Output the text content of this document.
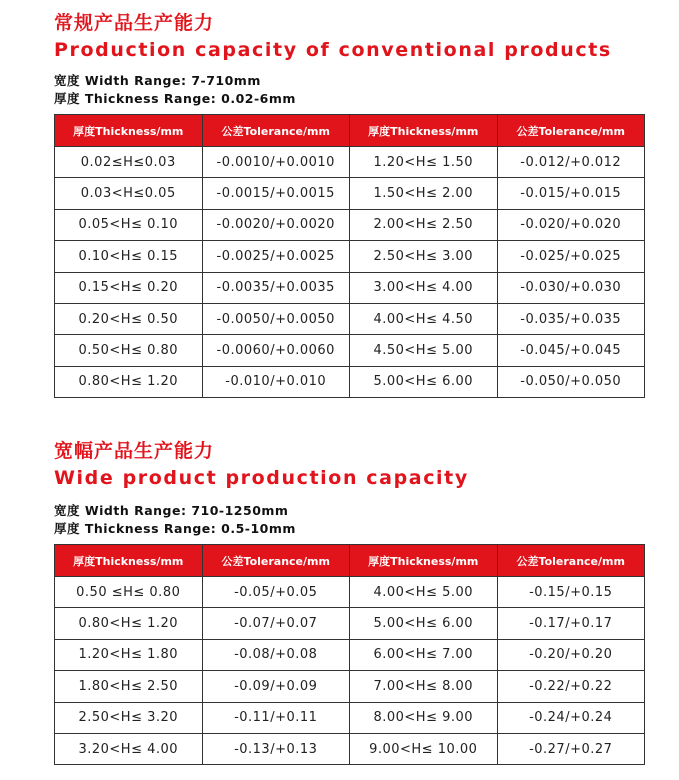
常规产品生产能力
Production capacity of conventional products
宽度 Width Range: 7-710mm
厚度 Thickness Range: 0.02-6mm
厚度Thickness/mm	公差Tolerance/mm	厚度Thickness/mm	公差Tolerance/mm
0.02≤H≤0.03	-0.0010/+0.0010	1.20<H≤ 1.50	-0.012/+0.012
0.03<H≤0.05	-0.0015/+0.0015	1.50<H≤ 2.00	-0.015/+0.015
0.05<H≤ 0.10	-0.0020/+0.0020	2.00<H≤ 2.50	-0.020/+0.020
0.10<H≤ 0.15	-0.0025/+0.0025	2.50<H≤ 3.00	-0.025/+0.025
0.15<H≤ 0.20	-0.0035/+0.0035	3.00<H≤ 4.00	-0.030/+0.030
0.20<H≤ 0.50	-0.0050/+0.0050	4.00<H≤ 4.50	-0.035/+0.035
0.50<H≤ 0.80	-0.0060/+0.0060	4.50<H≤ 5.00	-0.045/+0.045
0.80<H≤ 1.20	-0.010/+0.010	5.00<H≤ 6.00	-0.050/+0.050
宽幅产品生产能力
Wide product production capacity
宽度 Width Range: 710-1250mm
厚度 Thickness Range: 0.5-10mm
厚度Thickness/mm	公差Tolerance/mm	厚度Thickness/mm	公差Tolerance/mm
0.50 ≤H≤ 0.80	-0.05/+0.05	4.00<H≤ 5.00	-0.15/+0.15
0.80<H≤ 1.20	-0.07/+0.07	5.00<H≤ 6.00	-0.17/+0.17
1.20<H≤ 1.80	-0.08/+0.08	6.00<H≤ 7.00	-0.20/+0.20
1.80<H≤ 2.50	-0.09/+0.09	7.00<H≤ 8.00	-0.22/+0.22
2.50<H≤ 3.20	-0.11/+0.11	8.00<H≤ 9.00	-0.24/+0.24
3.20<H≤ 4.00	-0.13/+0.13	9.00<H≤ 10.00	-0.27/+0.27
